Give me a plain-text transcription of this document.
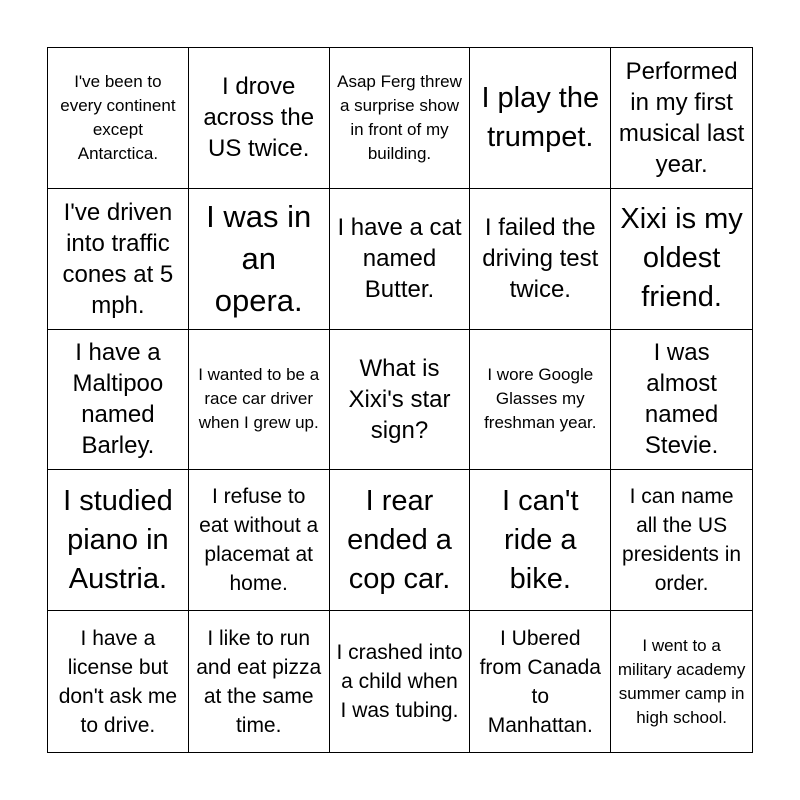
I've been to every continent except Antarctica.
I drove across the US twice.
Asap Ferg threw a surprise show in front of my building.
I play the trumpet.
Performed in my first musical last year.
I've driven into traffic cones at 5 mph.
I was in an opera.
I have a cat named Butter.
I failed the driving test twice.
Xixi is my oldest friend.
I have a Maltipoo named Barley.
I wanted to be a race car driver when I grew up.
What is Xixi's star sign?
I wore Google Glasses my freshman year.
I was almost named Stevie.
I studied piano in Austria.
I refuse to eat without a placemat at home.
I rear ended a cop car.
I can't ride a bike.
I can name all the US presidents in order.
I have a license but don't ask me to drive.
I like to run and eat pizza at the same time.
I crashed into a child when I was tubing.
I Ubered from Canada to Manhattan.
I went to a military academy summer camp in high school.
